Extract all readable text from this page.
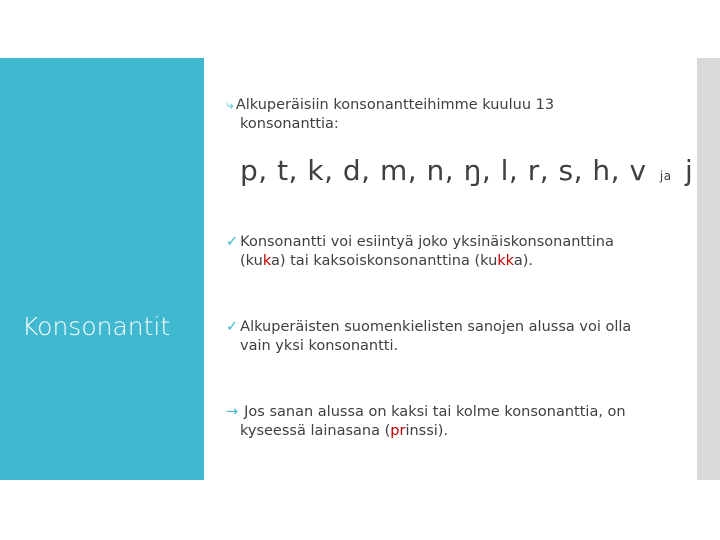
Konsonantit
⤷ Alkuperäisiin konsonantteihimme kuuluu 13
konsonanttia:
p, t, k, d, m, n, ŋ, l, r, s, h, v ja j
✓ Konsonantti voi esiintyä joko yksinäiskonsonanttina
(kuka) tai kaksoiskonsonanttina (kukka).
✓ Alkuperäisten suomenkielisten sanojen alussa voi olla
vain yksi konsonantti.
→ Jos sanan alussa on kaksi tai kolme konsonanttia, on
kyseessä lainasana (prinssi).
